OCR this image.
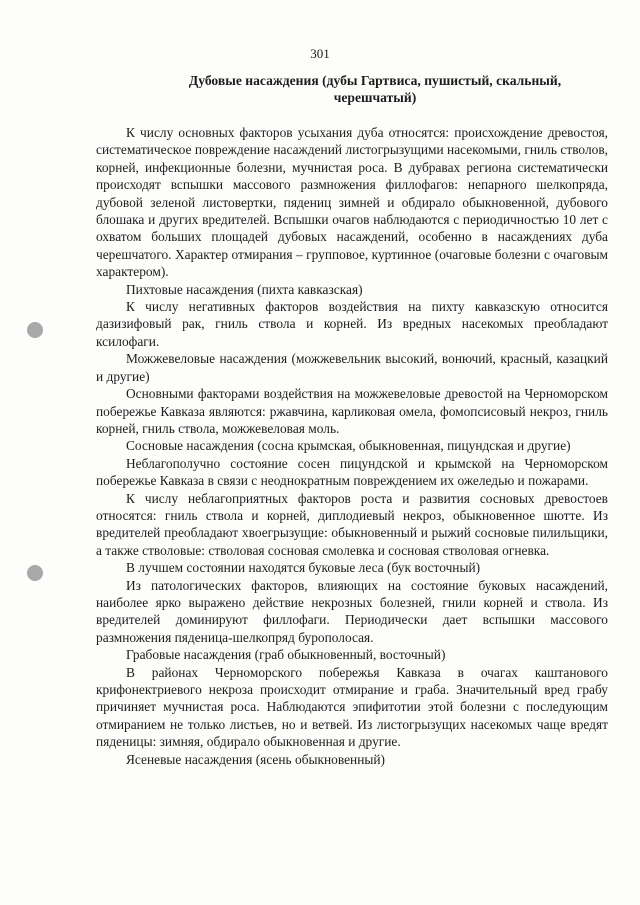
301
Дубовые насаждения (дубы Гартвиса, пушистый, скальный, черешчатый)

К числу основных факторов усыхания дуба относятся: происхождение древостоя, систематическое повреждение насаждений листогрызущими насекомыми, гниль стволов, корней, инфекционные болезни, мучнистая роса. В дубравах региона систематически происходят вспышки массового размножения филлофагов: непарного шелкопряда, дубовой зеленой листовертки, пядениц зимней и обдирало обыкновенной, дубового блошака и других вредителей. Вспышки очагов наблюдаются с периодичностью 10 лет с охватом больших площадей дубовых насаждений, особенно в насаждениях дуба черешчатого. Характер отмирания – групповое, куртинное (очаговые болезни с очаговым характером).

Пихтовые насаждения (пихта кавказская)

К числу негативных факторов воздействия на пихту кавказскую относится дазизифовый рак, гниль ствола и корней. Из вредных насекомых преобладают ксилофаги.

Можжевеловые насаждения (можжевельник высокий, вонючий, красный, казацкий и другие)

Основными факторами воздействия на можжевеловые древостой на Черноморском побережье Кавказа являются: ржавчина, карликовая омела, фомопсисовый некроз, гниль корней, гниль ствола, можжевеловая моль.

Сосновые насаждения (сосна крымская, обыкновенная, пицундская и другие)

Неблагополучно состояние сосен пицундской и крымской на Черноморском побережье Кавказа в связи с неоднократным повреждением их ожеледью и пожарами.

К числу неблагоприятных факторов роста и развития сосновых древостоев относятся: гниль ствола и корней, диплодиевый некроз, обыкновенное шютте. Из вредителей преобладают хвоегрызущие: обыкновенный и рыжий сосновые пилильщики, а также стволовые: стволовая сосновая смолевка и сосновая стволовая огневка.

В лучшем состоянии находятся буковые леса (бук восточный)

Из патологических факторов, влияющих на состояние буковых насаждений, наиболее ярко выражено действие некрозных болезней, гнили корней и ствола. Из вредителей доминируют филлофаги. Периодически дает вспышки массового размножения пяденица-шелкопряд бурополосая.

Грабовые насаждения (граб обыкновенный, восточный)

В районах Черноморского побережья Кавказа в очагах каштанового крифонектриевого некроза происходит отмирание и граба. Значительный вред грабу причиняет мучнистая роса. Наблюдаются эпифитотии этой болезни с последующим отмиранием не только листьев, но и ветвей. Из листогрызущих насекомых чаще вредят пяденицы: зимняя, обдирало обыкновенная и другие.

Ясеневые насаждения (ясень обыкновенный)
